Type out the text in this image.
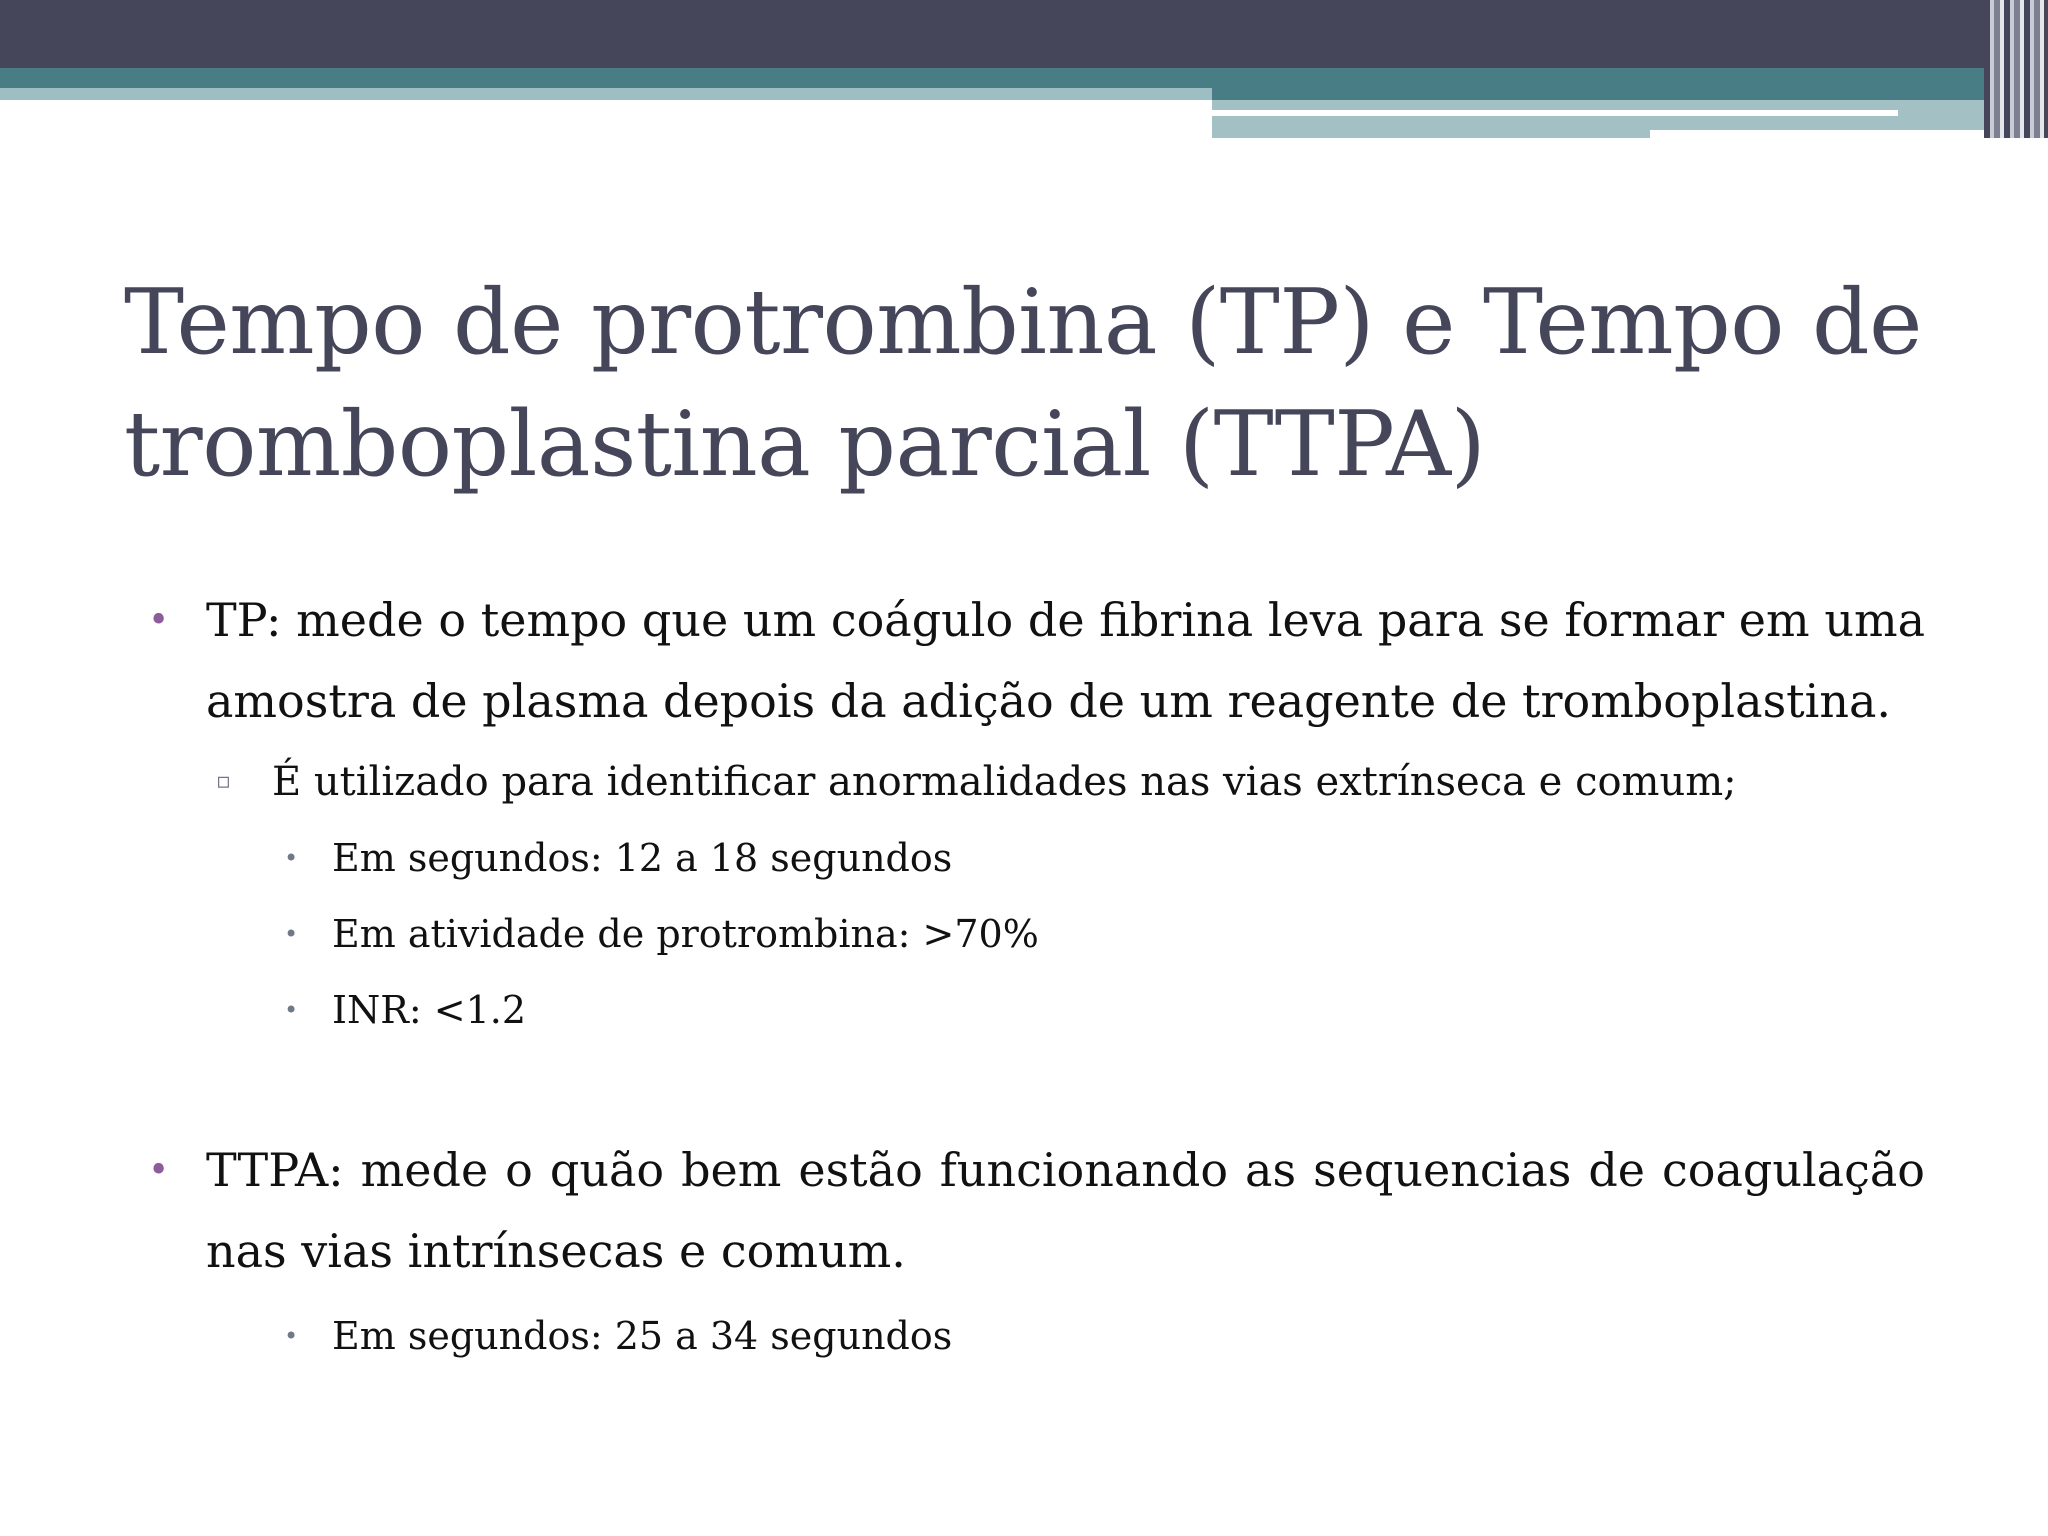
Tempo de protrombina (TP) e Tempo de tromboplastina parcial (TTPA)

• TP: mede o tempo que um coágulo de fibrina leva para se formar em uma amostra de plasma depois da adição de um reagente de tromboplastina.

▫ É utilizado para identificar anormalidades nas vias extrínseca e comum;

• Em segundos: 12 a 18 segundos

• Em atividade de protrombina: >70%

• INR: <1.2

• TTPA: mede o quão bem estão funcionando as sequencias de coagulação nas vias intrínsecas e comum.

• Em segundos: 25 a 34 segundos
